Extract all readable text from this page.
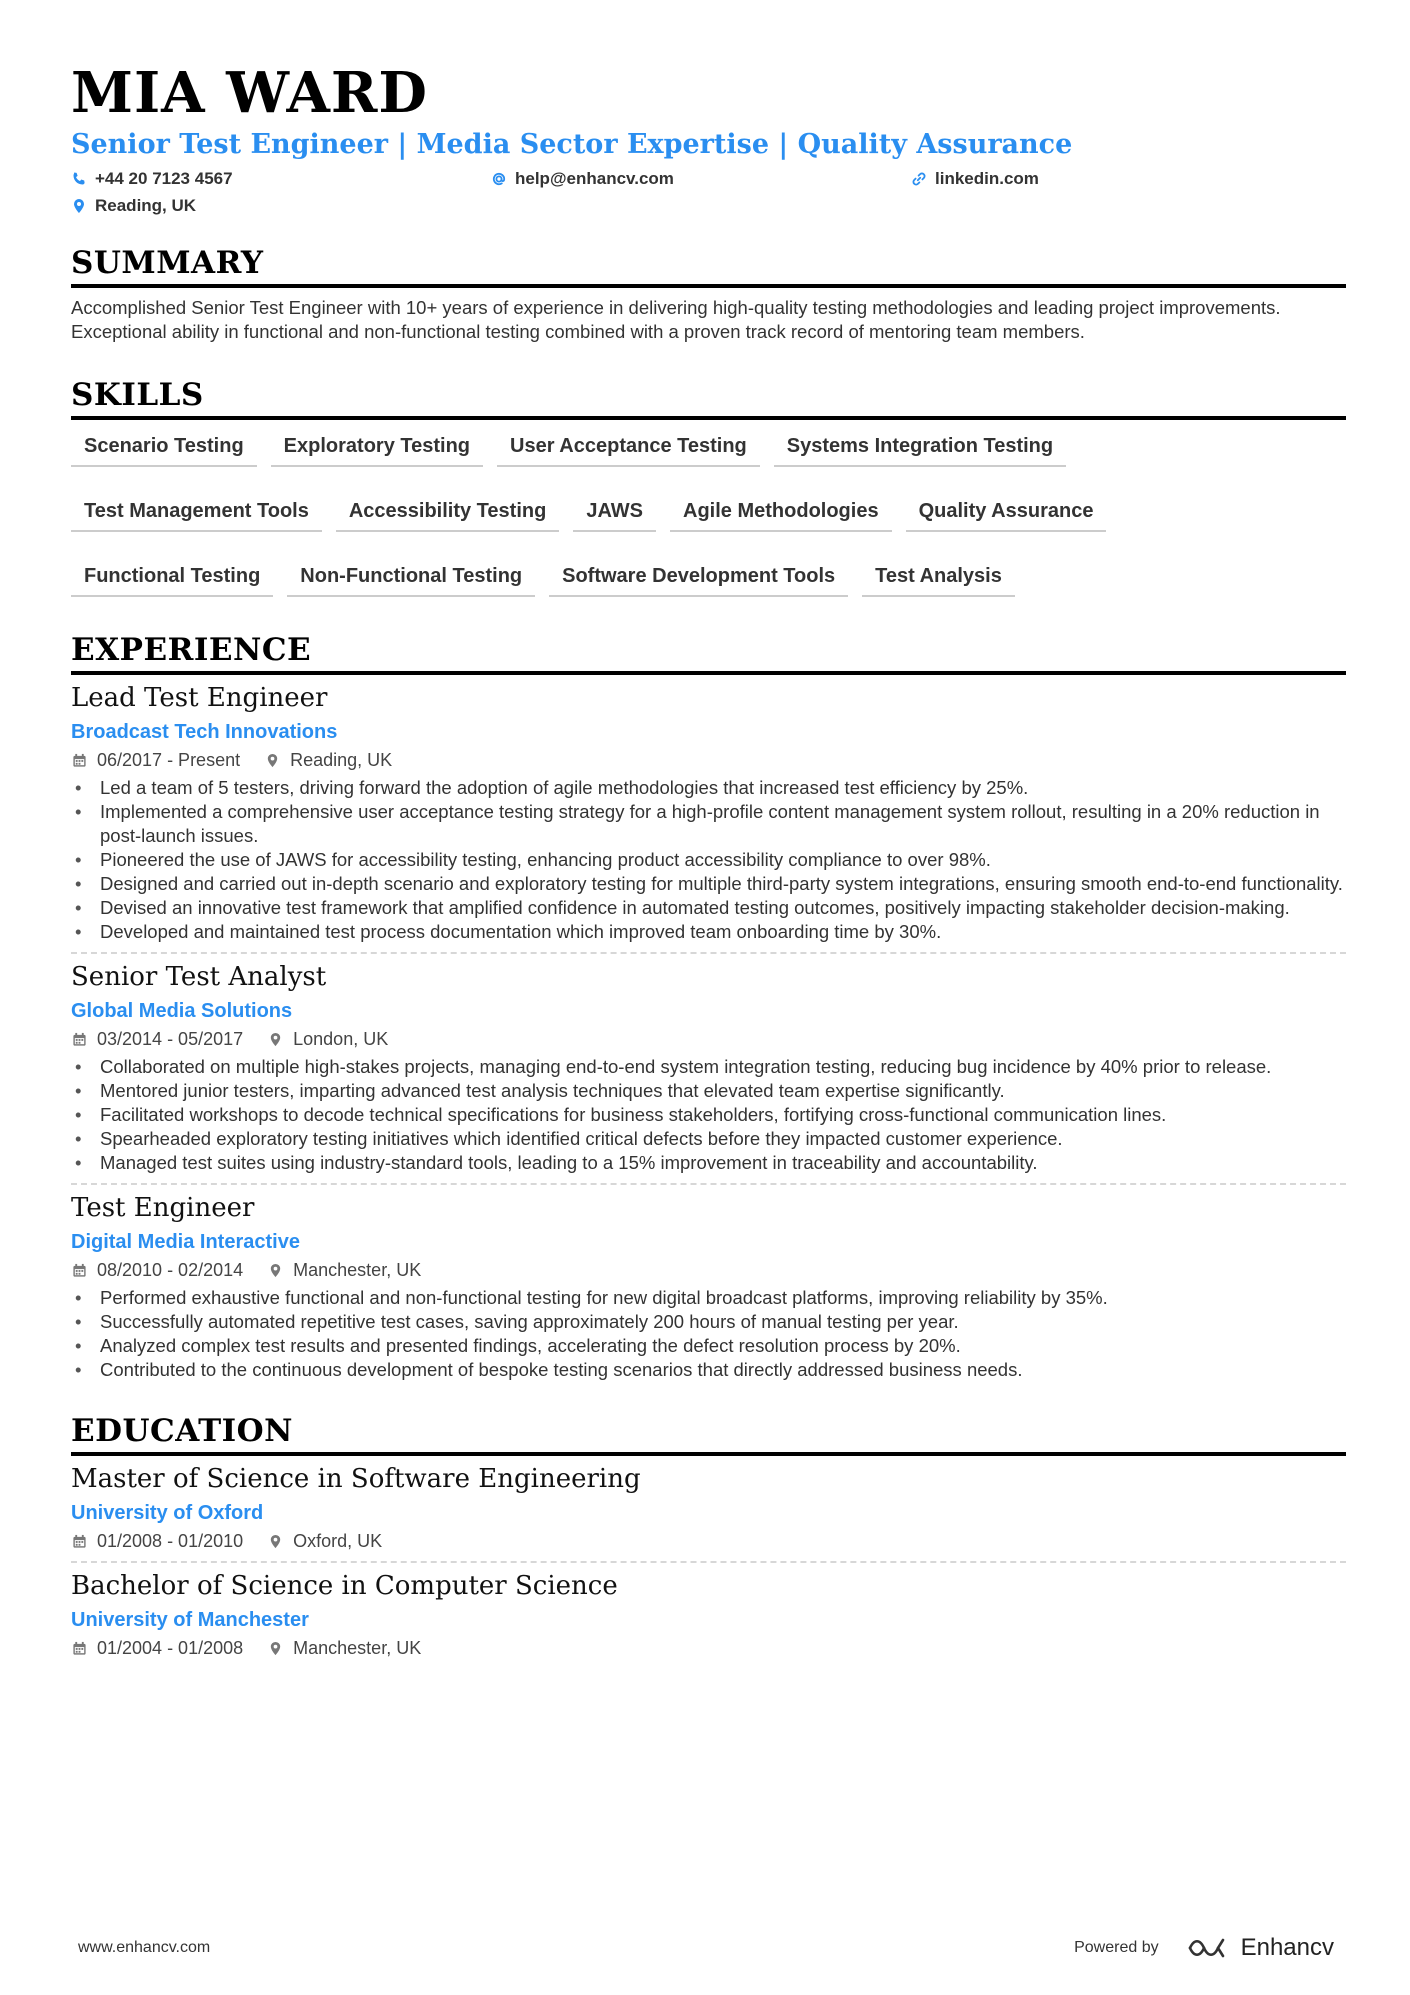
MIA WARD
Senior Test Engineer | Media Sector Expertise | Quality Assurance
+44 20 7123 4567	help@enhancv.com	linkedin.com
Reading, UK
SUMMARY

Accomplished Senior Test Engineer with 10+ years of experience in delivering high-quality testing methodologies and leading project improvements. Exceptional ability in functional and non-functional testing combined with a proven track record of mentoring team members.

SKILLS
Scenario Testing	Exploratory Testing	User Acceptance Testing	Systems Integration Testing
Test Management Tools	Accessibility Testing	JAWS	Agile Methodologies	Quality Assurance
Functional Testing	Non-Functional Testing	Software Development Tools	Test Analysis
EXPERIENCE
Lead Test Engineer
Broadcast Tech Innovations
06/2017 - Present	Reading, UK
• Led a team of 5 testers, driving forward the adoption of agile methodologies that increased test efficiency by 25%.
• Implemented a comprehensive user acceptance testing strategy for a high-profile content management system rollout, resulting in a 20% reduction in post-launch issues.
• Pioneered the use of JAWS for accessibility testing, enhancing product accessibility compliance to over 98%.
• Designed and carried out in-depth scenario and exploratory testing for multiple third-party system integrations, ensuring smooth end-to-end functionality.
• Devised an innovative test framework that amplified confidence in automated testing outcomes, positively impacting stakeholder decision-making.
• Developed and maintained test process documentation which improved team onboarding time by 30%.
Senior Test Analyst
Global Media Solutions
03/2014 - 05/2017	London, UK
• Collaborated on multiple high-stakes projects, managing end-to-end system integration testing, reducing bug incidence by 40% prior to release.
• Mentored junior testers, imparting advanced test analysis techniques that elevated team expertise significantly.
• Facilitated workshops to decode technical specifications for business stakeholders, fortifying cross-functional communication lines.
• Spearheaded exploratory testing initiatives which identified critical defects before they impacted customer experience.
• Managed test suites using industry-standard tools, leading to a 15% improvement in traceability and accountability.
Test Engineer
Digital Media Interactive
08/2010 - 02/2014	Manchester, UK
• Performed exhaustive functional and non-functional testing for new digital broadcast platforms, improving reliability by 35%.
• Successfully automated repetitive test cases, saving approximately 200 hours of manual testing per year.
• Analyzed complex test results and presented findings, accelerating the defect resolution process by 20%.
• Contributed to the continuous development of bespoke testing scenarios that directly addressed business needs.
EDUCATION
Master of Science in Software Engineering
University of Oxford
01/2008 - 01/2010	Oxford, UK
Bachelor of Science in Computer Science
University of Manchester
01/2004 - 01/2008	Manchester, UK
www.enhancv.com	Powered by	Enhancv
